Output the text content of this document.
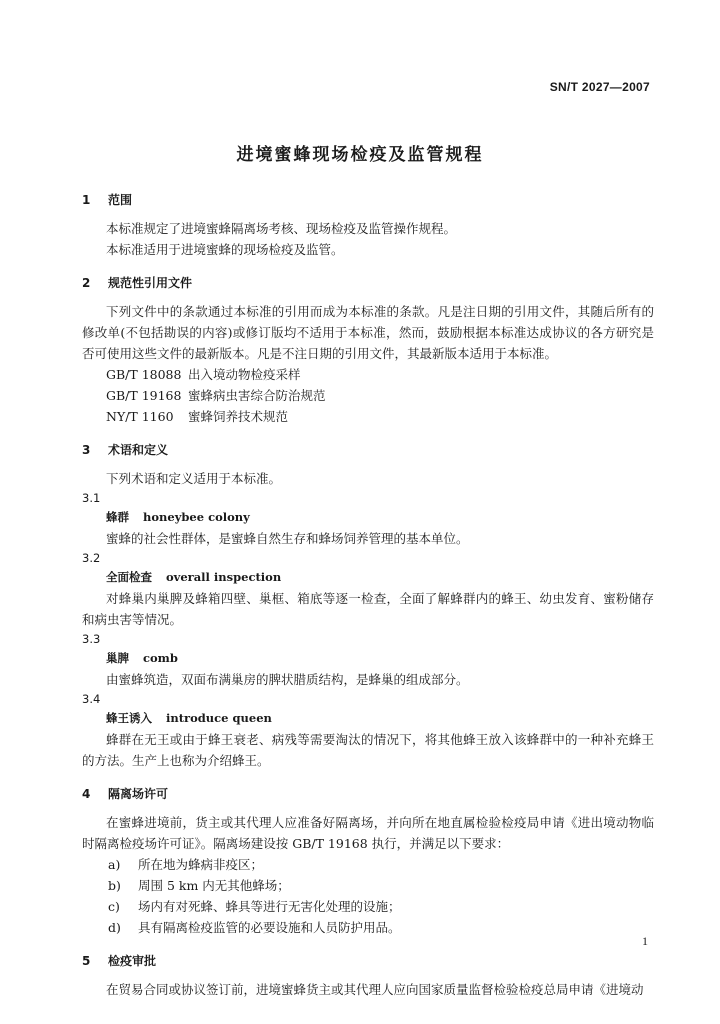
SN/T 2027—2007
进境蜜蜂现场检疫及监管规程
1	范围

本标准规定了进境蜜蜂隔离场考核、现场检疫及监管操作规程。

本标准适用于进境蜜蜂的现场检疫及监管。

2	规范性引用文件

下列文件中的条款通过本标准的引用而成为本标准的条款。凡是注日期的引用文件，其随后所有的修改单(不包括勘误的内容)或修订版均不适用于本标准，然而，鼓励根据本标准达成协议的各方研究是否可使用这些文件的最新版本。凡是不注日期的引用文件，其最新版本适用于本标准。

GB/T 18088 出入境动物检疫采样

GB/T 19168 蜜蜂病虫害综合防治规范

NY/T 1160 蜜蜂饲养技术规范

3	术语和定义

下列术语和定义适用于本标准。

3.1

蜂群 honeybee colony

蜜蜂的社会性群体，是蜜蜂自然生存和蜂场饲养管理的基本单位。

3.2

全面检查 overall inspection

对蜂巢内巢脾及蜂箱四壁、巢框、箱底等逐一检查，全面了解蜂群内的蜂王、幼虫发育、蜜粉储存和病虫害等情况。

3.3

巢脾 comb

由蜜蜂筑造，双面布满巢房的脾状腊质结构，是蜂巢的组成部分。

3.4

蜂王诱入 introduce queen

蜂群在无王或由于蜂王衰老、病残等需要淘汰的情况下，将其他蜂王放入该蜂群中的一种补充蜂王的方法。生产上也称为介绍蜂王。

4	隔离场许可

在蜜蜂进境前，货主或其代理人应准备好隔离场，并向所在地直属检验检疫局申请《进出境动物临时隔离检疫场许可证》。隔离场建设按 GB/T 19168 执行，并满足以下要求：

a)	所在地为蜂病非疫区；

b)	周围 5 km 内无其他蜂场；

c)	场内有对死蜂、蜂具等进行无害化处理的设施；

d)	具有隔离检疫监管的必要设施和人员防护用品。

5	检疫审批

在贸易合同或协议签订前，进境蜜蜂货主或其代理人应向国家质量监督检验检疫总局申请《进境动

1
